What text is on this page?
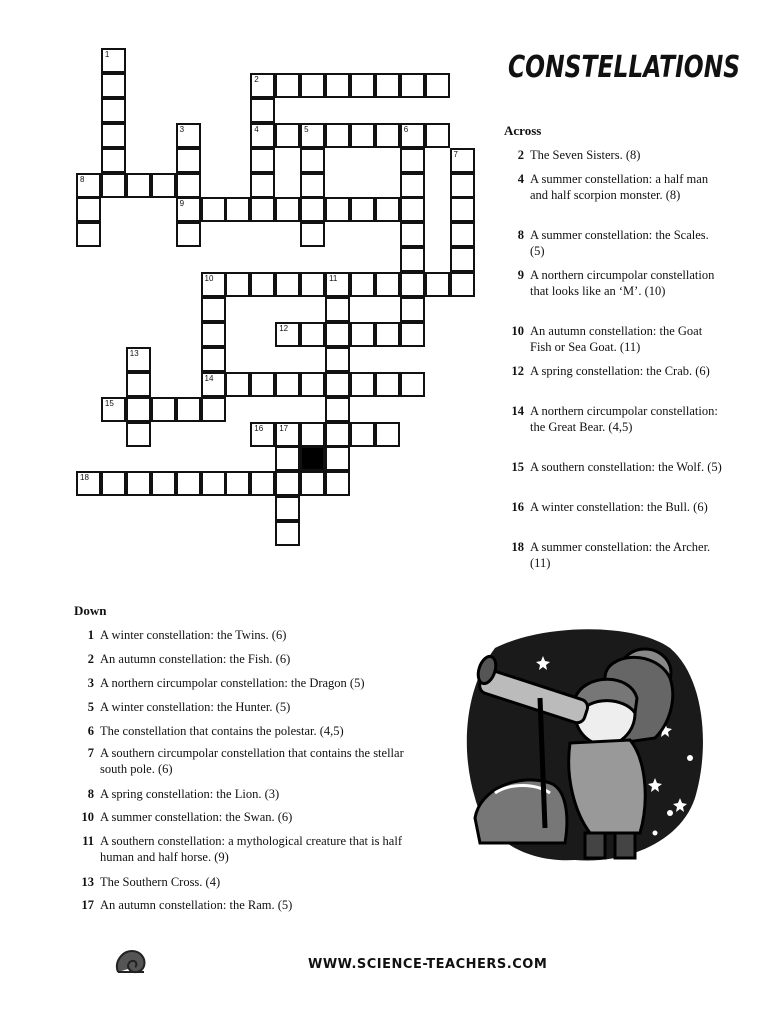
CONSTELLATIONS
2
4	5	6
8
9
10	11
12
14
15
16 17
18
1
3
7
13
Across
2 The Seven Sisters. (8)
4 A summer constellation: a half man and half scorpion monster. (8)
8 A summer constellation: the Scales. (5)
9 A northern circumpolar constellation that looks like an ‘M’. (10)
10 An autumn constellation: the Goat Fish or Sea Goat. (11)
12 A spring constellation: the Crab. (6)
14 A northern circumpolar constellation: the Great Bear. (4,5)
15 A southern constellation: the Wolf. (5)
16 A winter constellation: the Bull. (6)
18 A summer constellation: the Archer. (11)
Down
1 A winter constellation: the Twins. (6)
2 An autumn constellation: the Fish. (6)
3 A northern circumpolar constellation: the Dragon (5)
5 A winter constellation: the Hunter. (5)
6 The constellation that contains the polestar. (4,5)
7 A southern circumpolar constellation that contains the stellar south pole. (6)
8 A spring constellation: the Lion. (3)
10 A summer constellation: the Swan. (6)
11 A southern constellation: a mythological creature that is half human and half horse. (9)
13 The Southern Cross. (4)
17 An autumn constellation: the Ram. (5)
WWW.SCIENCE-TEACHERS.COM
